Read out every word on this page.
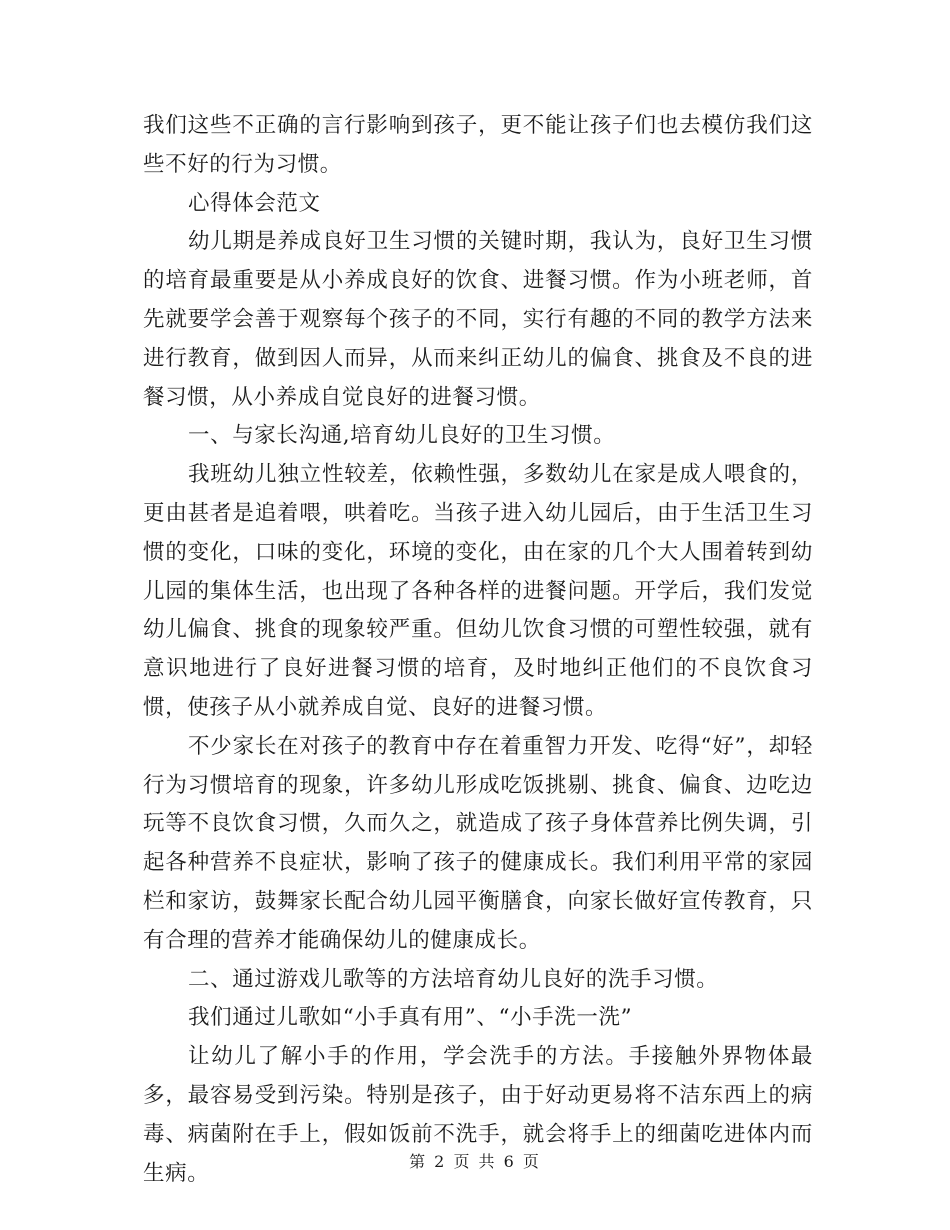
我们这些不正确的言行影响到孩子，更不能让孩子们也去模仿我们这些不好的行为习惯。

心得体会范文

幼儿期是养成良好卫生习惯的关键时期，我认为，良好卫生习惯的培育最重要是从小养成良好的饮食、进餐习惯。作为小班老师，首先就要学会善于观察每个孩子的不同，实行有趣的不同的教学方法来进行教育，做到因人而异，从而来纠正幼儿的偏食、挑食及不良的进餐习惯，从小养成自觉良好的进餐习惯。

一、与家长沟通,培育幼儿良好的卫生习惯。

我班幼儿独立性较差，依赖性强，多数幼儿在家是成人喂食的，更由甚者是追着喂，哄着吃。当孩子进入幼儿园后，由于生活卫生习惯的变化，口味的变化，环境的变化，由在家的几个大人围着转到幼儿园的集体生活，也出现了各种各样的进餐问题。开学后，我们发觉幼儿偏食、挑食的现象较严重。但幼儿饮食习惯的可塑性较强，就有意识地进行了良好进餐习惯的培育，及时地纠正他们的不良饮食习惯，使孩子从小就养成自觉、良好的进餐习惯。

不少家长在对孩子的教育中存在着重智力开发、吃得“好”，却轻行为习惯培育的现象，许多幼儿形成吃饭挑剔、挑食、偏食、边吃边玩等不良饮食习惯，久而久之，就造成了孩子身体营养比例失调，引起各种营养不良症状，影响了孩子的健康成长。我们利用平常的家园栏和家访，鼓舞家长配合幼儿园平衡膳食，向家长做好宣传教育，只有合理的营养才能确保幼儿的健康成长。

二、通过游戏儿歌等的方法培育幼儿良好的洗手习惯。

我们通过儿歌如“小手真有用”、“小手洗一洗”

让幼儿了解小手的作用，学会洗手的方法。手接触外界物体最多，最容易受到污染。特别是孩子，由于好动更易将不洁东西上的病毒、病菌附在手上，假如饭前不洗手，就会将手上的细菌吃进体内而生病。	第 2 页 共 6 页
